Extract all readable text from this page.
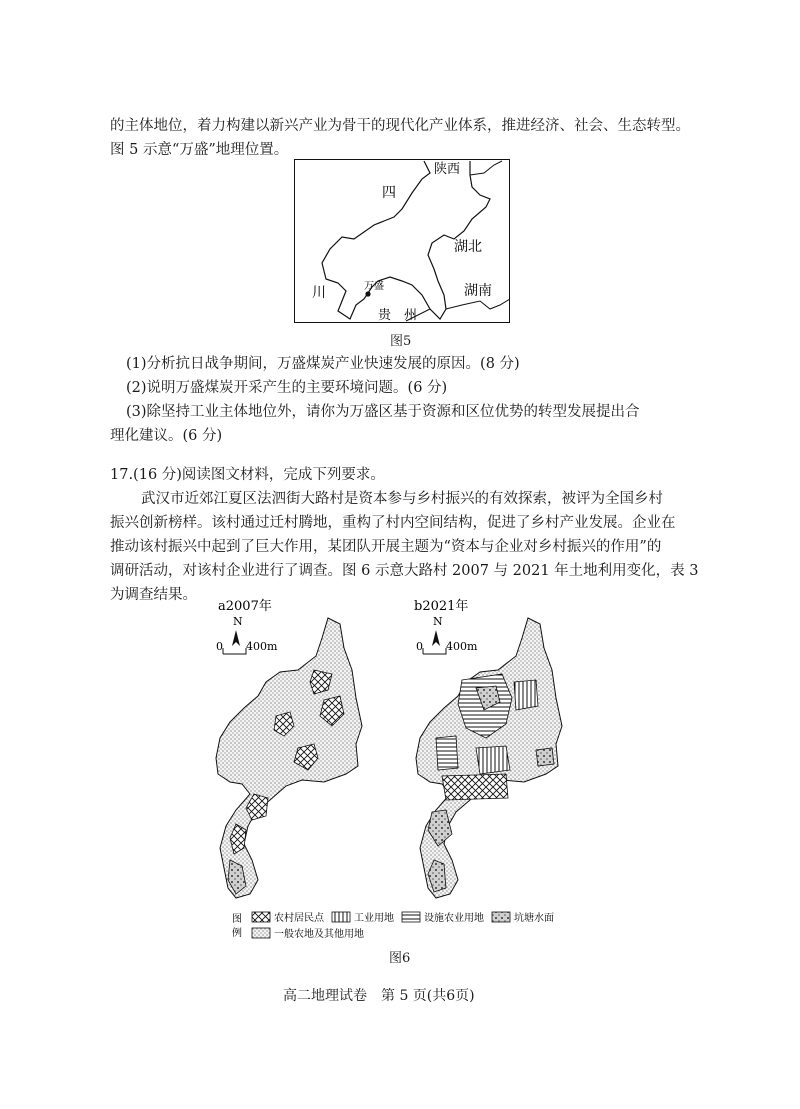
的主体地位，着力构建以新兴产业为骨干的现代化产业体系，推进经济、社会、生态转型。
图 5 示意“万盛”地理位置。
陕西
四
川
湖北
湖南
贵　州
万盛
图5
(1)分析抗日战争期间，万盛煤炭产业快速发展的原因。(8 分)
(2)说明万盛煤炭开采产生的主要环境问题。(6 分)
(3)除坚持工业主体地位外，请你为万盛区基于资源和区位优势的转型发展提出合
理化建议。(6 分)
17.(16 分)阅读图文材料，完成下列要求。
武汉市近郊江夏区法泗街大路村是资本参与乡村振兴的有效探索，被评为全国乡村
振兴创新榜样。该村通过迁村腾地，重构了村内空间结构，促进了乡村产业发展。企业在
推动该村振兴中起到了巨大作用，某团队开展主题为“资本与企业对乡村振兴的作用”的
调研活动，对该村企业进行了调查。图 6 示意大路村 2007 与 2021 年土地利用变化，表 3
为调查结果。
a2007年	b2021年
N
0 400m
N
0 400m
图
例
农村居民点	工业用地	设施农业用地	坑塘水面
一般农地及其他用地
图6
高二地理试卷　第 5 页(共6页)
